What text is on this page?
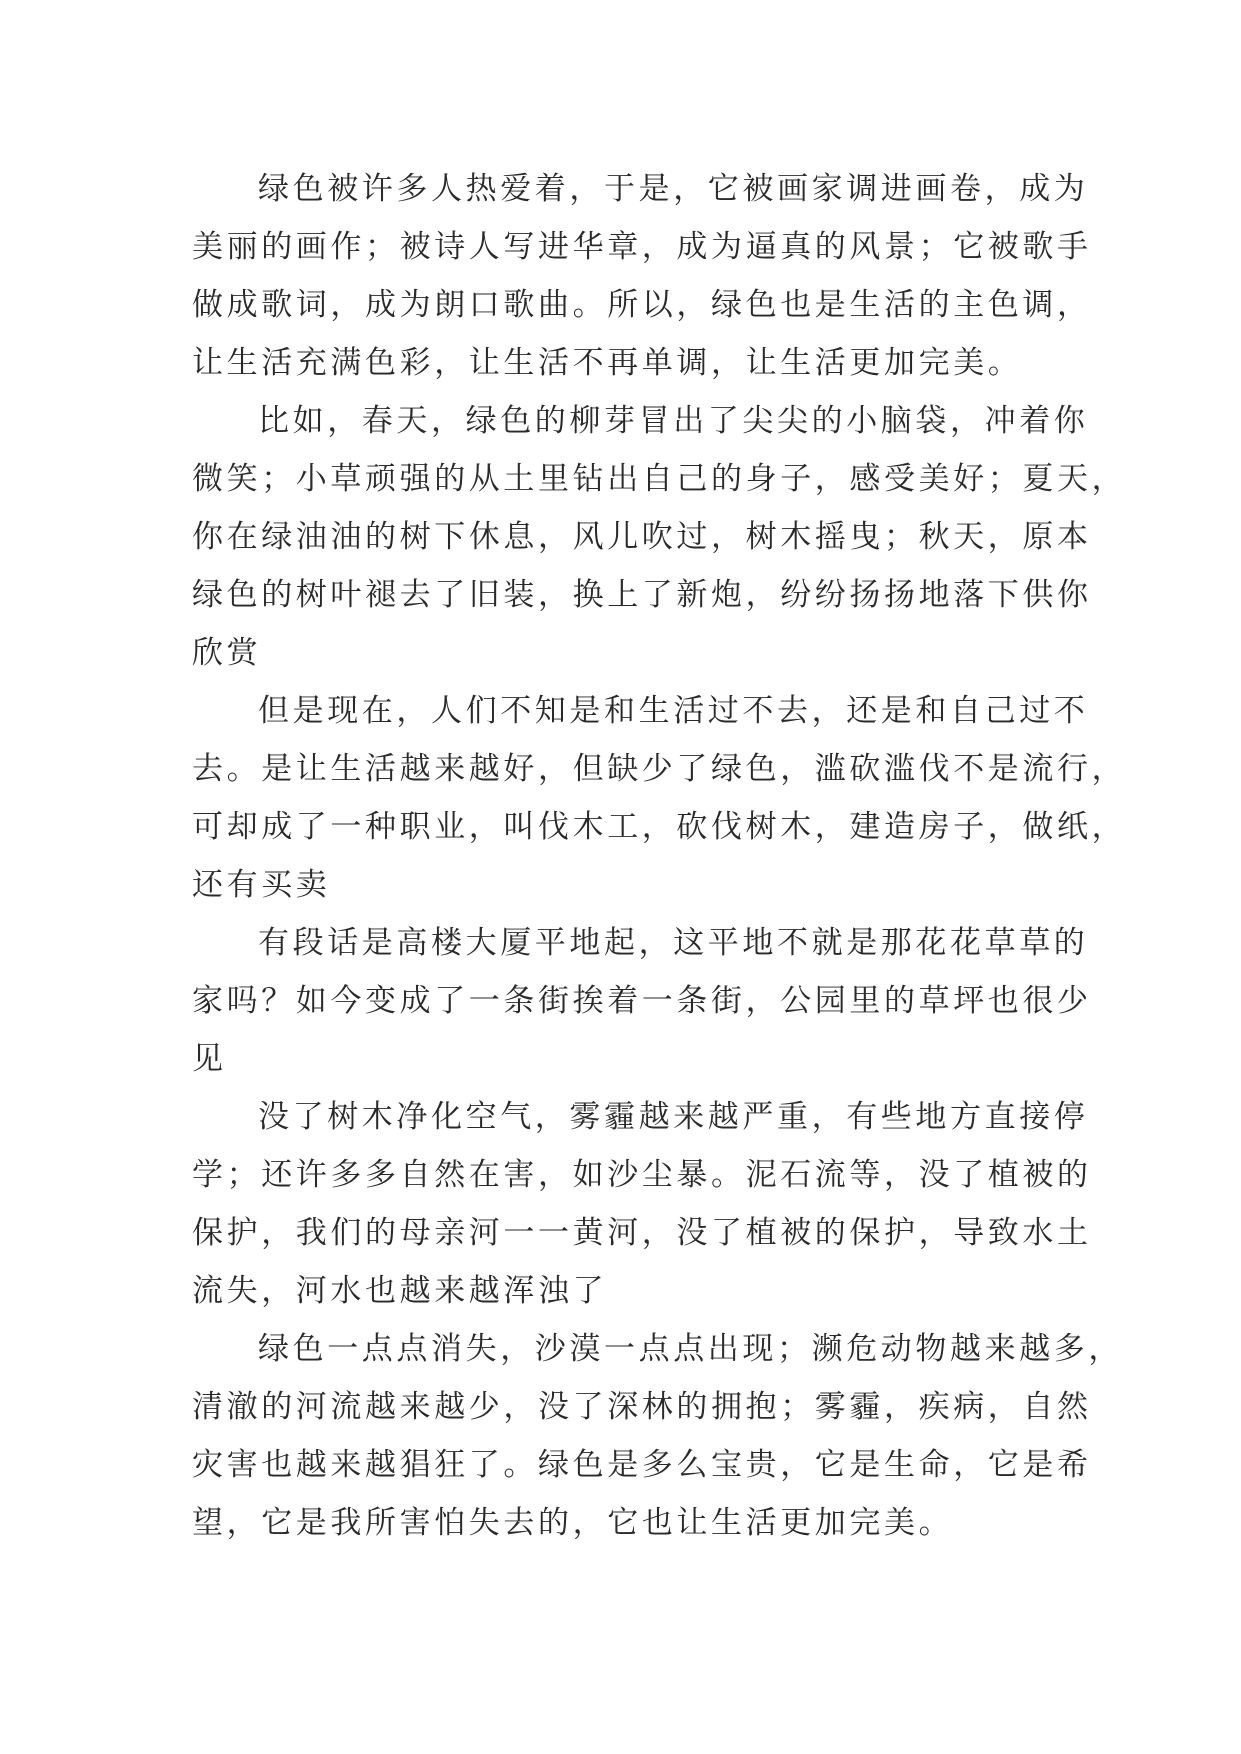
绿色被许多人热爱着，于是，它被画家调进画卷，成为
美丽的画作；被诗人写进华章，成为逼真的风景；它被歌手
做成歌词，成为朗口歌曲。所以，绿色也是生活的主色调，
让生活充满色彩，让生活不再单调，让生活更加完美。
比如，春天，绿色的柳芽冒出了尖尖的小脑袋，冲着你
微笑；小草顽强的从土里钻出自己的身子，感受美好；夏天，
你在绿油油的树下休息，风儿吹过，树木摇曳；秋天，原本
绿色的树叶褪去了旧装，换上了新炮，纷纷扬扬地落下供你
欣赏
但是现在，人们不知是和生活过不去，还是和自己过不
去。是让生活越来越好，但缺少了绿色，滥砍滥伐不是流行，
可却成了一种职业，叫伐木工，砍伐树木，建造房子，做纸，
还有买卖
有段话是高楼大厦平地起，这平地不就是那花花草草的
家吗？如今变成了一条街挨着一条街，公园里的草坪也很少
见
没了树木净化空气，雾霾越来越严重，有些地方直接停
学；还许多多自然在害，如沙尘暴。泥石流等，没了植被的
保护，我们的母亲河一一黄河，没了植被的保护，导致水土
流失，河水也越来越浑浊了
绿色一点点消失，沙漠一点点出现；濒危动物越来越多，
清澈的河流越来越少，没了深林的拥抱；雾霾，疾病，自然
灾害也越来越猖狂了。绿色是多么宝贵，它是生命，它是希
望，它是我所害怕失去的，它也让生活更加完美。
